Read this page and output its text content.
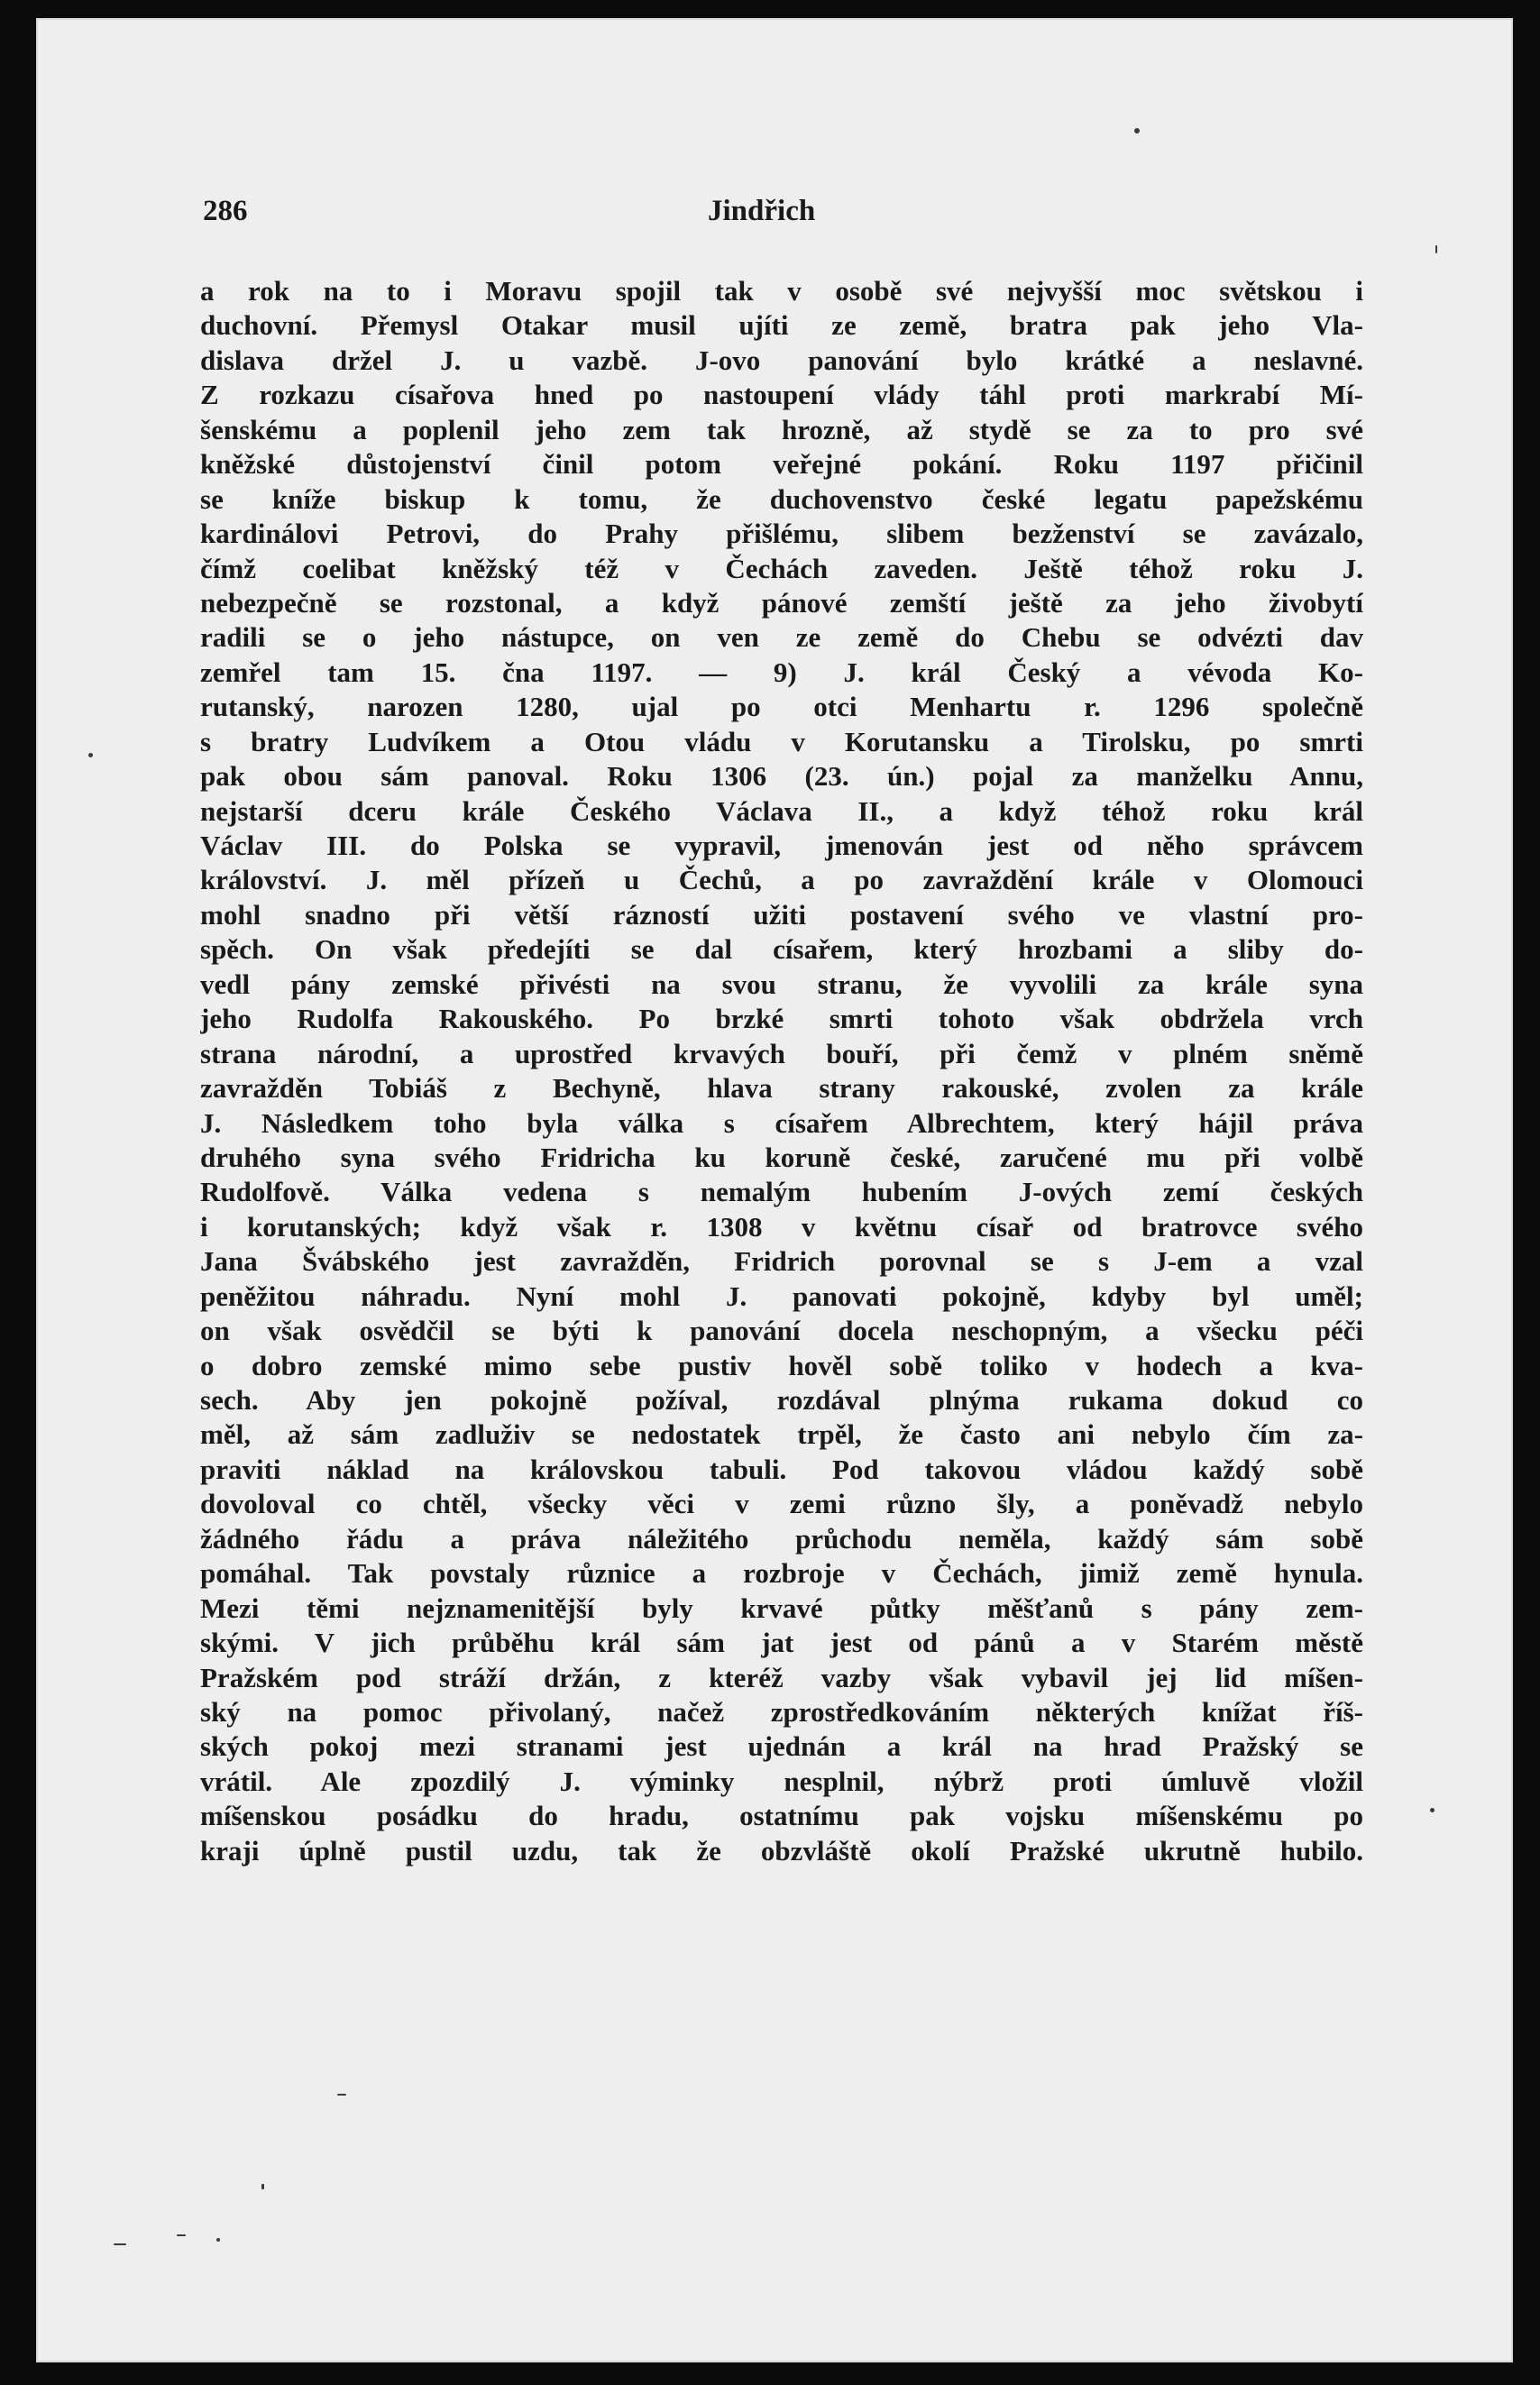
286	Jindřich
a rok na to i Moravu spojil tak v osobě své nejvyšší moc světskou i
duchovní. Přemysl Otakar musil ujíti ze země, bratra pak jeho Vla-
dislava držel J. u vazbě. J-ovo panování bylo krátké a neslavné.
Z rozkazu císařova hned po nastoupení vlády táhl proti markrabí Mí-
šenskému a poplenil jeho zem tak hrozně, až stydě se za to pro své
kněžské důstojenství činil potom veřejné pokání. Roku 1197 přičinil
se kníže biskup k tomu, že duchovenstvo české legatu papežskému
kardinálovi Petrovi, do Prahy přišlému, slibem bezženství se zavázalo,
čímž coelibat kněžský též v Čechách zaveden. Ještě téhož roku J.
nebezpečně se rozstonal, a když pánové zemští ještě za jeho živobytí
radili se o jeho nástupce, on ven ze země do Chebu se odvézti dav
zemřel tam 15. čna 1197. — 9) J. král Český a vévoda Ko-
rutanský, narozen 1280, ujal po otci Menhartu r. 1296 společně
s bratry Ludvíkem a Otou vládu v Korutansku a Tirolsku, po smrti
pak obou sám panoval. Roku 1306 (23. ún.) pojal za manželku Annu,
nejstarší dceru krále Českého Václava II., a když téhož roku král
Václav III. do Polska se vypravil, jmenován jest od něho správcem
království. J. měl přízeň u Čechů, a po zavraždění krále v Olomouci
mohl snadno při větší rázností užiti postavení svého ve vlastní pro-
spěch. On však předejíti se dal císařem, který hrozbami a sliby do-
vedl pány zemské přivésti na svou stranu, že vyvolili za krále syna
jeho Rudolfa Rakouského. Po brzké smrti tohoto však obdržela vrch
strana národní, a uprostřed krvavých bouří, při čemž v plném sněmě
zavražděn Tobiáš z Bechyně, hlava strany rakouské, zvolen za krále
J. Následkem toho byla válka s císařem Albrechtem, který hájil práva
druhého syna svého Fridricha ku koruně české, zaručené mu při volbě
Rudolfově. Válka vedena s nemalým hubením J-ových zemí českých
i korutanských; když však r. 1308 v květnu císař od bratrovce svého
Jana Švábského jest zavražděn, Fridrich porovnal se s J-em a vzal
peněžitou náhradu. Nyní mohl J. panovati pokojně, kdyby byl uměl;
on však osvědčil se býti k panování docela neschopným, a všecku péči
o dobro zemské mimo sebe pustiv hověl sobě toliko v hodech a kva-
sech. Aby jen pokojně požíval, rozdával plnýma rukama dokud co
měl, až sám zadluživ se nedostatek trpěl, že často ani nebylo čím za-
praviti náklad na královskou tabuli. Pod takovou vládou každý sobě
dovoloval co chtěl, všecky věci v zemi různo šly, a poněvadž nebylo
žádného řádu a práva náležitého průchodu neměla, každý sám sobě
pomáhal. Tak povstaly různice a rozbroje v Čechách, jimiž země hynula.
Mezi těmi nejznamenitější byly krvavé půtky měšťanů s pány zem-
skými. V jich průběhu král sám jat jest od pánů a v Starém městě
Pražském pod stráží držán, z kteréž vazby však vybavil jej lid míšen-
ský na pomoc přivolaný, načež zprostředkováním některých knížat říš-
ských pokoj mezi stranami jest ujednán a král na hrad Pražský se
vrátil. Ale zpozdilý J. výminky nesplnil, nýbrž proti úmluvě vložil
míšenskou posádku do hradu, ostatnímu pak vojsku míšenskému po
kraji úplně pustil uzdu, tak že obzvláště okolí Pražské ukrutně hubilo.
